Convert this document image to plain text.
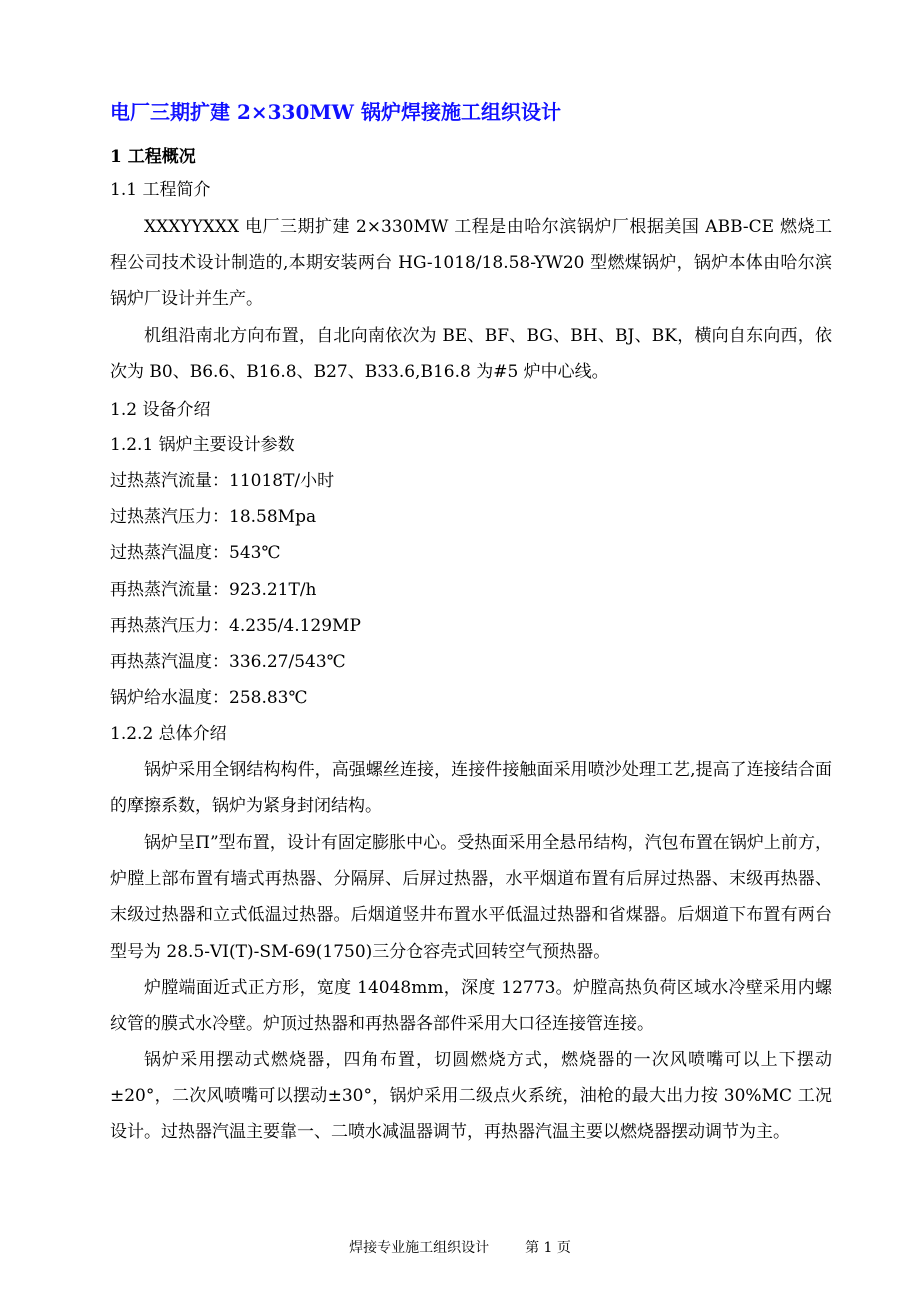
电厂三期扩建 2×330MW 锅炉焊接施工组织设计
1 工程概况
1.1 工程简介
XXXYYXXX 电厂三期扩建 2×330MW 工程是由哈尔滨锅炉厂根据美国 ABB-CE 燃烧工程公司技术设计制造的,本期安装两台 HG-1018/18.58-YW20 型燃煤锅炉，锅炉本体由哈尔滨锅炉厂设计并生产。
机组沿南北方向布置，自北向南依次为 BE、BF、BG、BH、BJ、BK，横向自东向西，依次为 B0、B6.6、B16.8、B27、B33.6,B16.8 为#5 炉中心线。
1.2 设备介绍
1.2.1 锅炉主要设计参数
过热蒸汽流量：11018T/小时
过热蒸汽压力：18.58Mpa
过热蒸汽温度：543℃
再热蒸汽流量：923.21T/h
再热蒸汽压力：4.235/4.129MP
再热蒸汽温度：336.27/543℃
锅炉给水温度：258.83℃
1.2.2 总体介绍
锅炉采用全钢结构构件，高强螺丝连接，连接件接触面采用喷沙处理工艺,提高了连接结合面的摩擦系数，锅炉为紧身封闭结构。
锅炉呈Π”型布置，设计有固定膨胀中心。受热面采用全悬吊结构，汽包布置在锅炉上前方，炉膛上部布置有墙式再热器、分隔屏、后屏过热器，水平烟道布置有后屏过热器、末级再热器、末级过热器和立式低温过热器。后烟道竖井布置水平低温过热器和省煤器。后烟道下布置有两台型号为 28.5-VI(T)-SM-69(1750)三分仓容壳式回转空气预热器。
炉膛端面近式正方形，宽度 14048mm，深度 12773。炉膛高热负荷区域水冷壁采用内螺纹管的膜式水冷壁。炉顶过热器和再热器各部件采用大口径连接管连接。
锅炉采用摆动式燃烧器，四角布置，切圆燃烧方式，燃烧器的一次风喷嘴可以上下摆动±20°，二次风喷嘴可以摆动±30°，锅炉采用二级点火系统，油枪的最大出力按 30%MC 工况设计。过热器汽温主要靠一、二喷水减温器调节，再热器汽温主要以燃烧器摆动调节为主。
焊接专业施工组织设计	第 1 页
